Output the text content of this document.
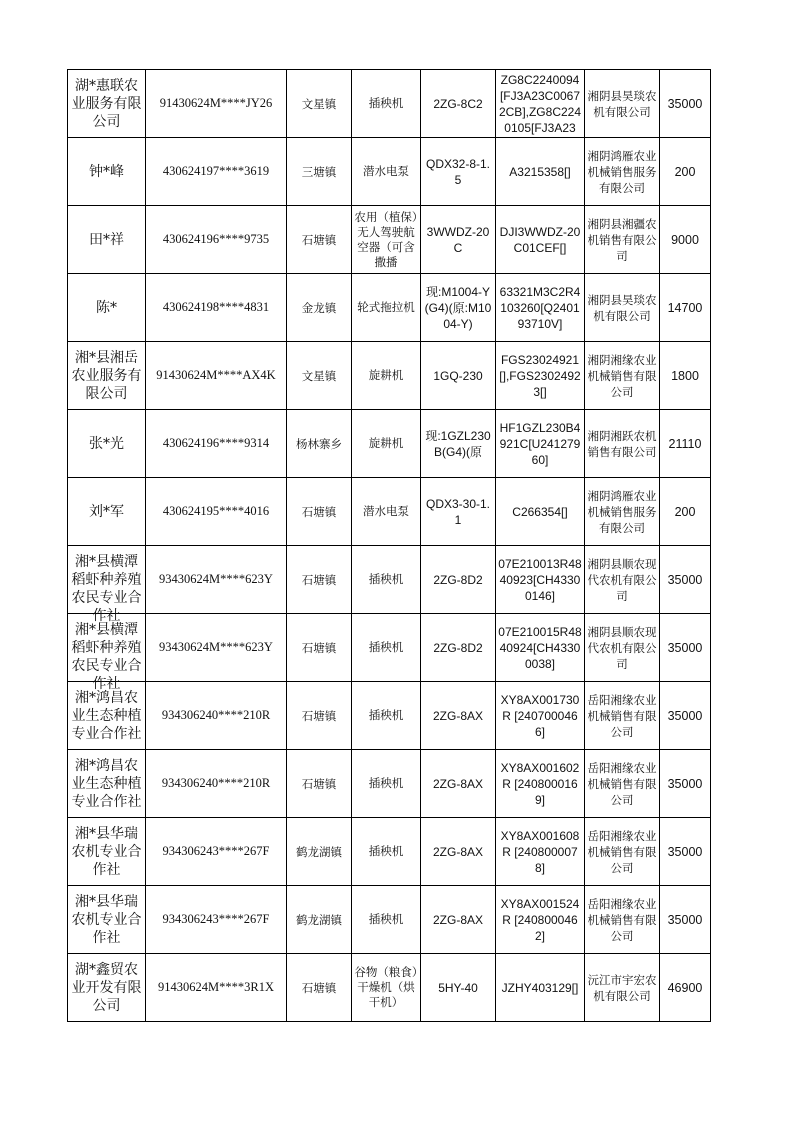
湖*惠联农业服务有限公司	91430624M****JY26	文星镇	插秧机	2ZG-8C2	ZG8C2240094[FJ3A23C00672CB],ZG8C2240105[FJ3A23	湘阴县昊琰农机有限公司	35000

钟*峰	430624197****3619	三塘镇	潜水电泵	QDX32-8-1.5	A3215358[]	湘阴鸿雁农业机械销售服务有限公司	200

田*祥	430624196****9735	石塘镇	农用（植保）无人驾驶航空器（可含撒播	3WWDZ-20C	DJI3WWDZ-20C01CEF[]	湘阴县湘疆农机销售有限公司	9000

陈*	430624198****4831	金龙镇	轮式拖拉机	现:M1004-Y(G4)(原:M1004-Y)	63321M3C2R4103260[Q240193710V]	湘阴县昊琰农机有限公司	14700

湘*县湘岳农业服务有限公司	91430624M****AX4K	文星镇	旋耕机	1GQ-230	FGS23024921[],FGS23024923[]	湘阴湘缘农业机械销售有限公司	1800

张*光	430624196****9314	杨林寨乡	旋耕机	现:1GZL230B(G4)(原	HF1GZL230B4921C[U24127960]	湘阴湘跃农机销售有限公司	21110

刘*军	430624195****4016	石塘镇	潜水电泵	QDX3-30-1.1	C266354[]	湘阴鸿雁农业机械销售服务有限公司	200

湘*县横潭稻虾种养殖农民专业合作社	93430624M****623Y	石塘镇	插秧机	2ZG-8D2	07E210013R4840923[CH43300146]	湘阴县顺农现代农机有限公司	35000

湘*县横潭稻虾种养殖农民专业合作社	93430624M****623Y	石塘镇	插秧机	2ZG-8D2	07E210015R4840924[CH43300038]	湘阴县顺农现代农机有限公司	35000

湘*鸿昌农业生态种植专业合作社	934306240****210R	石塘镇	插秧机	2ZG-8AX	XY8AX001730R [2407000466]	岳阳湘缘农业机械销售有限公司	35000

湘*鸿昌农业生态种植专业合作社	934306240****210R	石塘镇	插秧机	2ZG-8AX	XY8AX001602R [2408000169]	岳阳湘缘农业机械销售有限公司	35000

湘*县华瑞农机专业合作社	934306243****267F	鹤龙湖镇	插秧机	2ZG-8AX	XY8AX001608R [2408000078]	岳阳湘缘农业机械销售有限公司	35000

湘*县华瑞农机专业合作社	934306243****267F	鹤龙湖镇	插秧机	2ZG-8AX	XY8AX001524R [2408000462]	岳阳湘缘农业机械销售有限公司	35000

湖*鑫贸农业开发有限公司	91430624M****3R1X	石塘镇	谷物（粮食）干燥机（烘干机）	5HY-40	JZHY403129[]	沅江市宇宏农机有限公司	46900
